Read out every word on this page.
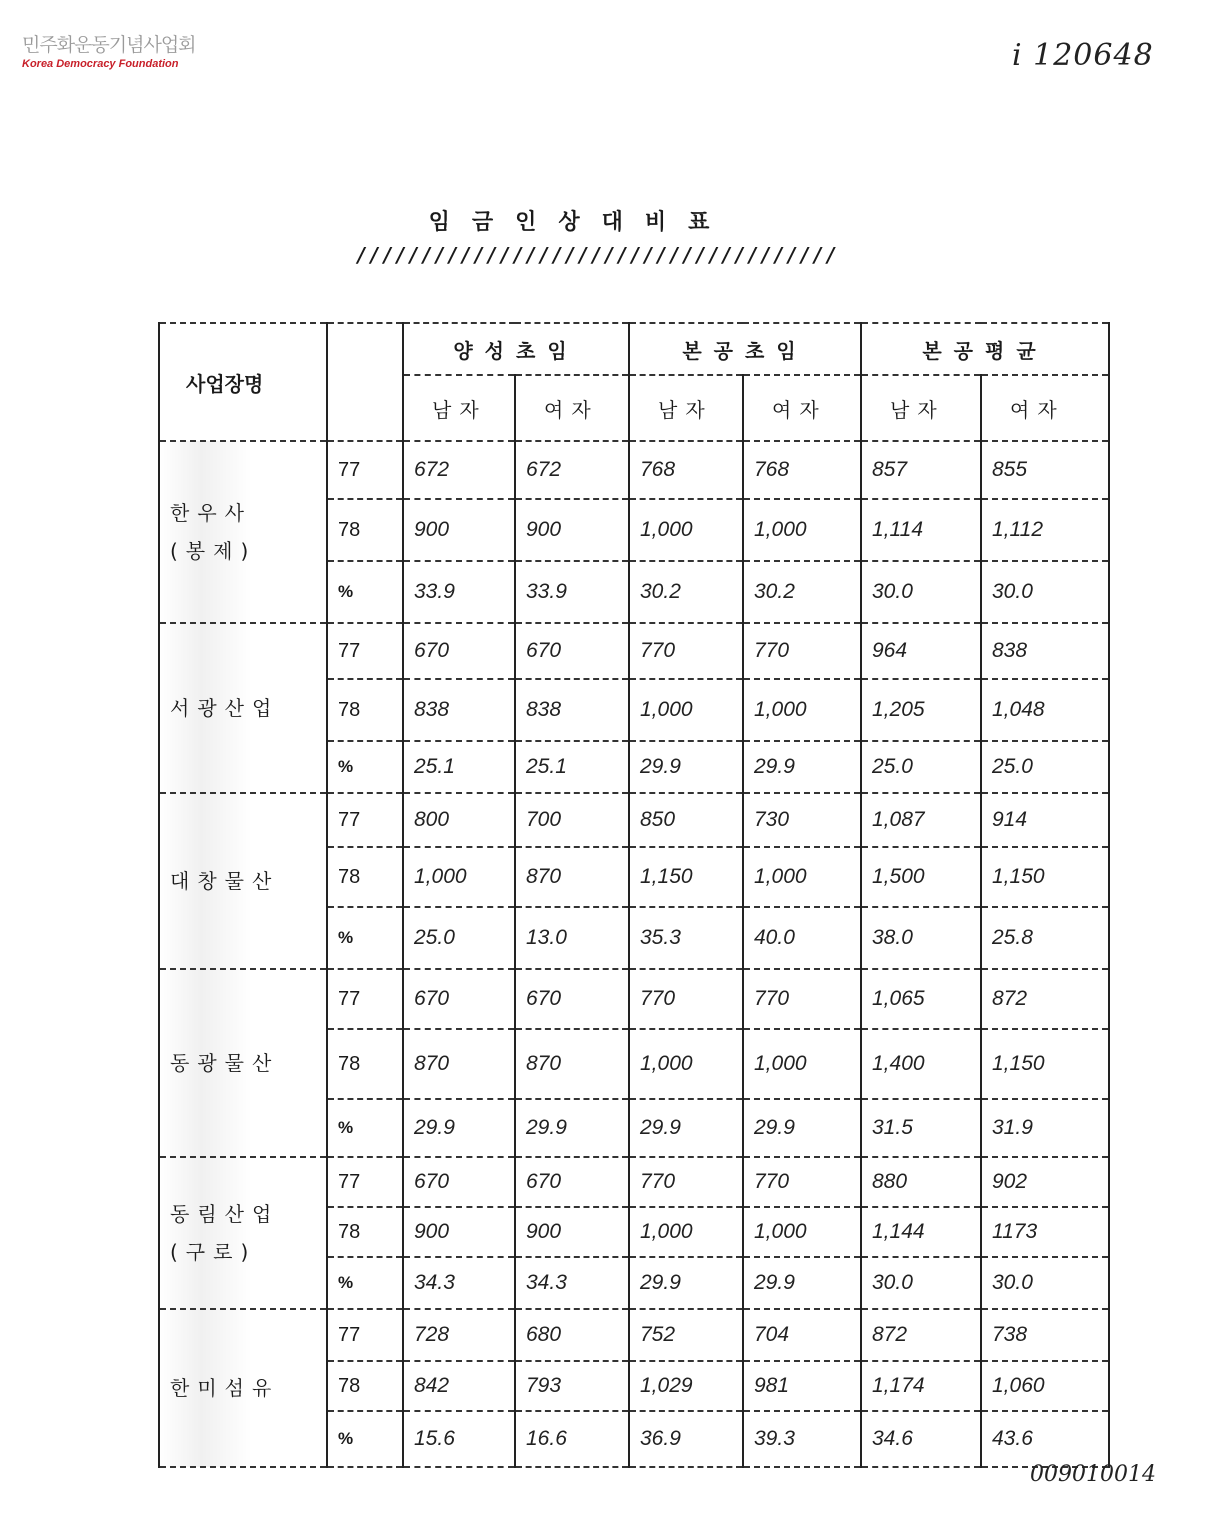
민주화운동기념사업회
Korea Democracy Foundation	i 120648
임금인상대비표
/////////////////////////////////////
사업장명		양성초임		본공초임		본공평균	
		남자	여자	남자	여자	남자	여자

한우사
(봉제)	77	672	672	768	768	857	855
	78	900	900	1,000	1,000	1,114	1,112
	%	33.9	33.9	30.2	30.2	30.0	30.0

서광산업	77	670	670	770	770	964	838
	78	838	838	1,000	1,000	1,205	1,048
	%	25.1	25.1	29.9	29.9	25.0	25.0

대창물산	77	800	700	850	730	1,087	914
	78	1,000	870	1,150	1,000	1,500	1,150
	%	25.0	13.0	35.3	40.0	38.0	25.8

동광물산	77	670	670	770	770	1,065	872
	78	870	870	1,000	1,000	1,400	1,150
	%	29.9	29.9	29.9	29.9	31.5	31.9

동림산업
(구로)	77	670	670	770	770	880	902
	78	900	900	1,000	1,000	1,144	1173
	%	34.3	34.3	29.9	29.9	30.0	30.0

한미섬유	77	728	680	752	704	872	738
	78	842	793	1,029	981	1,174	1,060
	%	15.6	16.6	36.9	39.3	34.6	43.6
009010014
